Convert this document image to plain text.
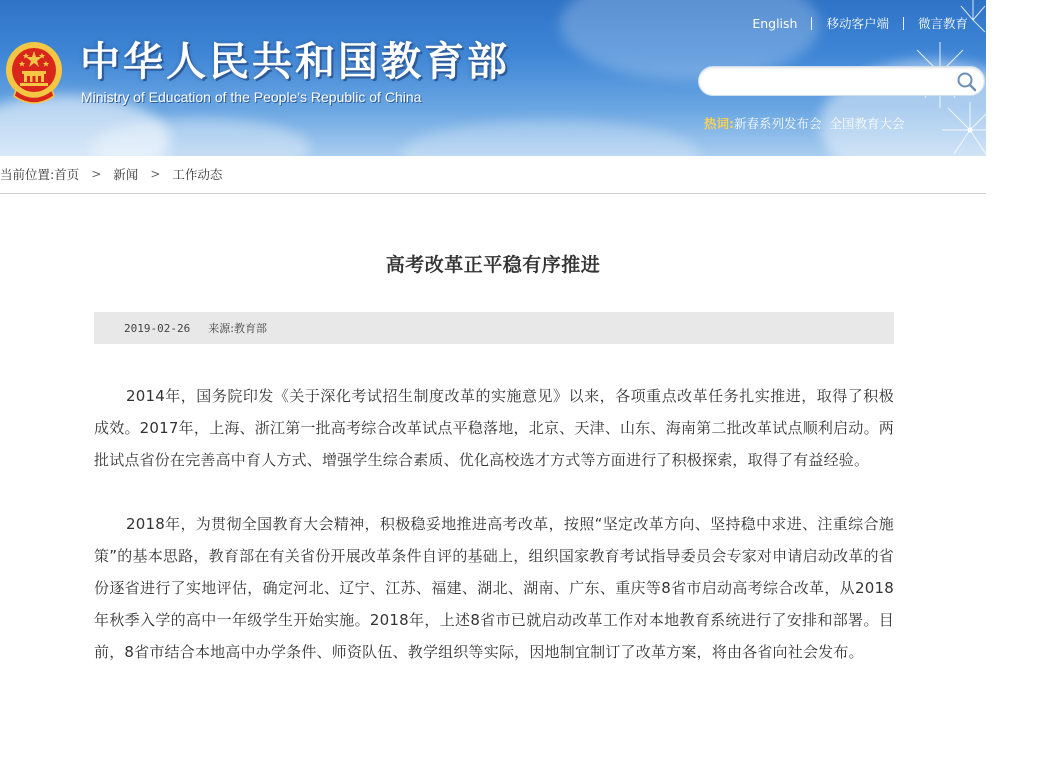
中华人民共和国教育部
Ministry of Education of the People's Republic of China
English 移动客户端 微言教育
热词: 新春系列发布会 全国教育大会
当前位置: 首页 > 新闻 > 工作动态
高考改革正平稳有序推进
2019-02-26 来源:教育部

2014年，国务院印发《关于深化考试招生制度改革的实施意见》以来，各项重点改革任务扎实推进，取得了积极成效。2017年，上海、浙江第一批高考综合改革试点平稳落地，北京、天津、山东、海南第二批改革试点顺利启动。两批试点省份在完善高中育人方式、增强学生综合素质、优化高校选才方式等方面进行了积极探索，取得了有益经验。

2018年，为贯彻全国教育大会精神，积极稳妥地推进高考改革，按照“坚定改革方向、坚持稳中求进、注重综合施策”的基本思路，教育部在有关省份开展改革条件自评的基础上，组织国家教育考试指导委员会专家对申请启动改革的省份逐省进行了实地评估，确定河北、辽宁、江苏、福建、湖北、湖南、广东、重庆等8省市启动高考综合改革，从2018年秋季入学的高中一年级学生开始实施。2018年，上述8省市已就启动改革工作对本地教育系统进行了安排和部署。目前，8省市结合本地高中办学条件、师资队伍、教学组织等实际，因地制宜制订了改革方案，将由各省向社会发布。
